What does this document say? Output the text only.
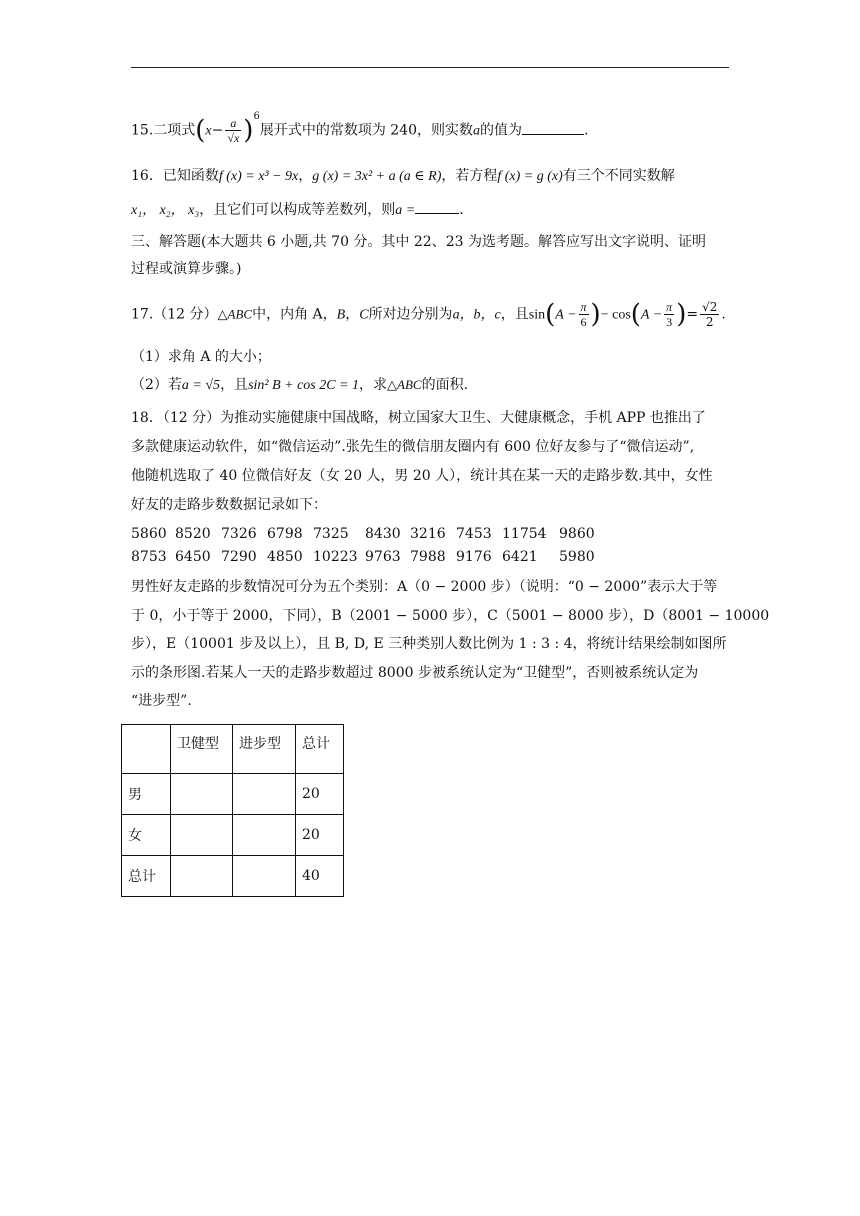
15.二项式$(x- \frac{a}{√x} )^6$展开式中的常数项为 240，则实数a的值为	.
16．已知函数f (x) = x³ − 9x，g (x) = 3x² + a (a ∈ R)，若方程f (x) = g (x)有三个不同实数解
x₁， x₂， x₃，且它们可以构成等差数列，则a =	.
三、解答题(本大题共 6 小题,共 70 分。其中 22、23 为选考题。解答应写出文字说明、证明
过程或演算步骤。)
17.（12 分）△ABC中，内角 A，B，C所对边分别为a，b，c，且$\sin(A - \frac{\pi}{6}$ )− $\cos(A - \frac{\pi}{3}$ )= $\frac{√2}{2}$ .
（1）求角 A 的大小；
（2）若a = √5，且sin² B + cos 2C = 1，求△ABC的面积.
18．（12 分）为推动实施健康中国战略，树立国家大卫生、大健康概念，手机 APP 也推出了
多款健康运动软件，如“微信运动”.张先生的微信朋友圈内有 600 位好友参与了“微信运动”,
他随机选取了 40 位微信好友（女 20 人，男 20 人），统计其在某一天的走路步数.其中，女性
好友的走路步数数据记录如下：
5860 8520 7326 6798 7325 8430 3216 7453 11754 9860
8753 6450 7290 4850 10223 9763 7988 9176 6421 5980
男性好友走路的步数情况可分为五个类别：A（0 − 2000 步）（说明：“0 − 2000”表示大于等
于 0，小于等于 2000，下同），B（2001 − 5000 步），C（5001 − 8000 步），D（8001 − 10000
步），E（10001 步及以上），且 B, D, E 三种类别人数比例为 1 : 3 : 4，将统计结果绘制如图所
示的条形图.若某人一天的走路步数超过 8000 步被系统认定为“卫健型”，否则被系统认定为
“进步型”.
	卫健型	进步型	总计
男			20
女			20
总计			40
